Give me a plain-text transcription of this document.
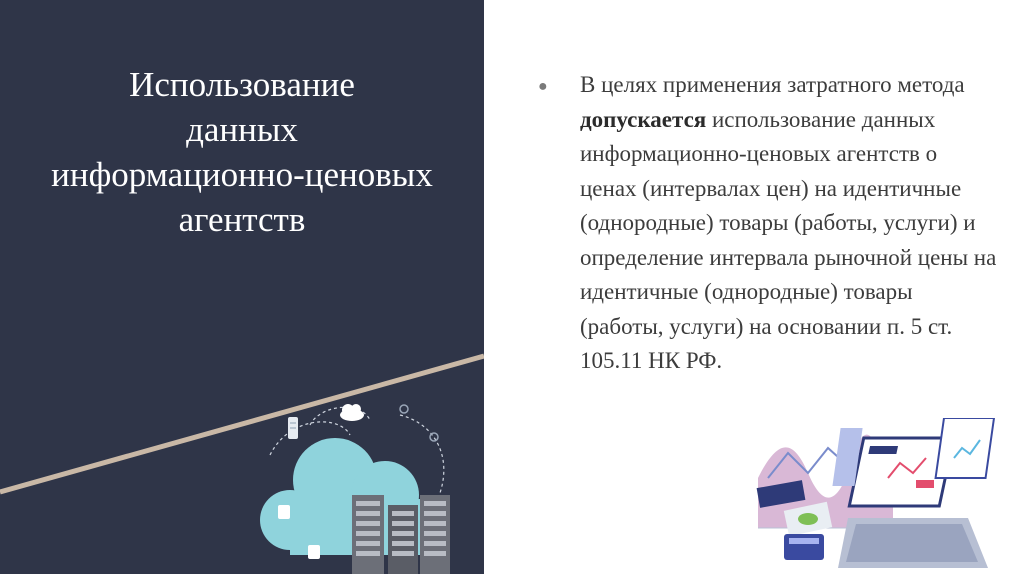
Использование
данных
информационно-ценовых
агентств
● В целях применения затратного метода допускается использование данных информационно-ценовых агентств о ценах (интервалах цен) на идентичные (однородные) товары (работы, услуги) и определение интервала рыночной цены на идентичные (однородные) товары (работы, услуги) на основании п. 5 ст. 105.11 НК РФ.
